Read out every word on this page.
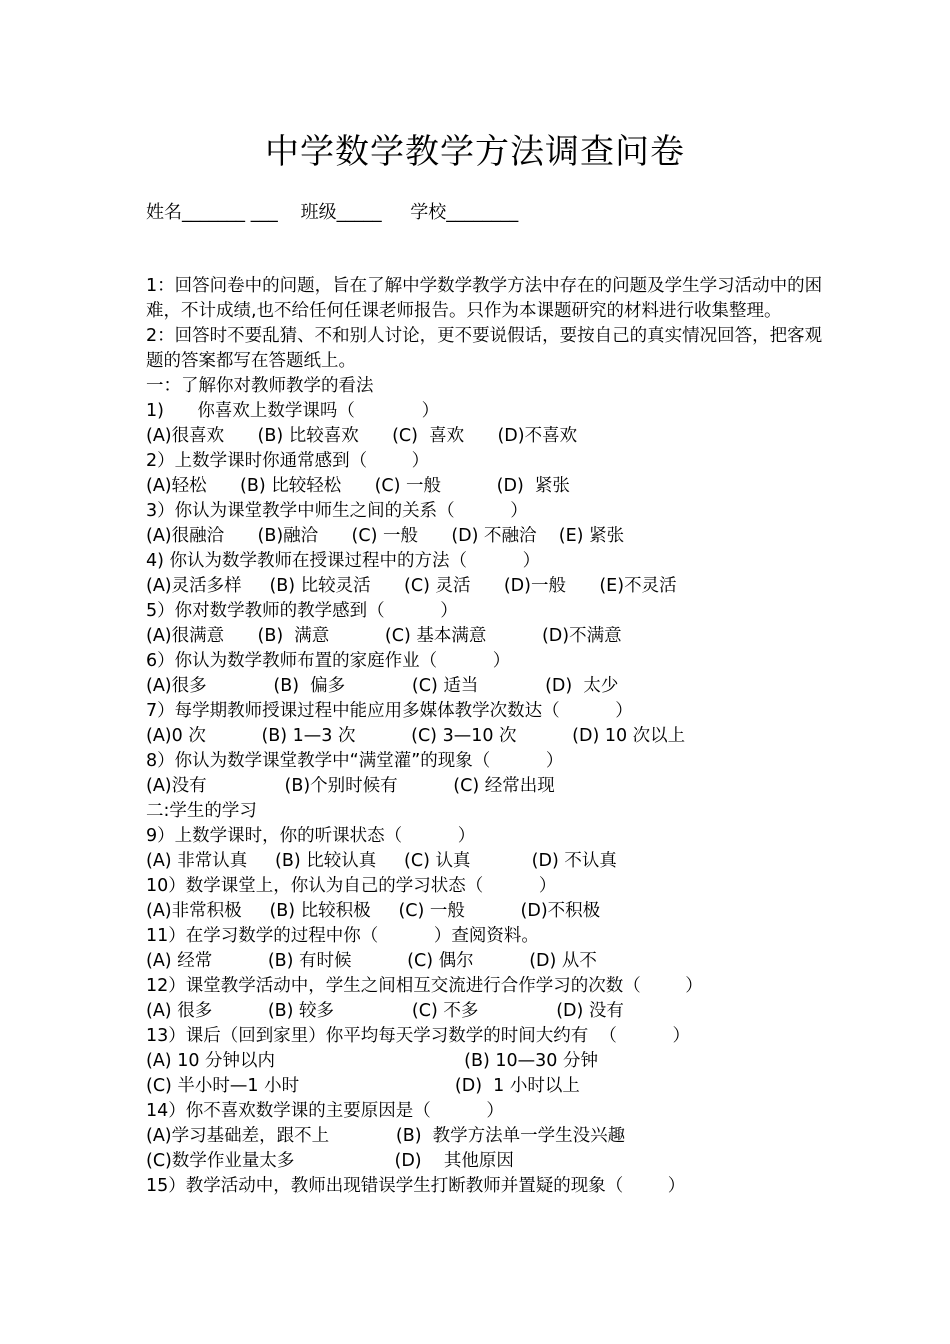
中学数学教学方法调查问卷
姓名_______ ___    班级_____     学校________
1：回答问卷中的问题，旨在了解中学数学教学方法中存在的问题及学生学习活动中的困难，不计成绩,也不给任何任课老师报告。只作为本课题研究的材料进行收集整理。
2：回答时不要乱猜、不和别人讨论，更不要说假话，要按自己的真实情况回答，把客观题的答案都写在答题纸上。
一：了解你对教师教学的看法
1)      你喜欢上数学课吗（            ）
(A)很喜欢      (B) 比较喜欢      (C)  喜欢      (D)不喜欢
2）上数学课时你通常感到（        ）
(A)轻松      (B) 比较轻松      (C) 一般          (D)  紧张
3）你认为课堂教学中师生之间的关系（          ）
(A)很融洽      (B)融洽      (C) 一般      (D) 不融洽    (E) 紧张
4) 你认为数学教师在授课过程中的方法（          ）
(A)灵活多样     (B) 比较灵活      (C) 灵活      (D)一般      (E)不灵活
5）你对数学教师的教学感到（          ）
(A)很满意      (B)  满意          (C) 基本满意          (D)不满意
6）你认为数学教师布置的家庭作业（          ）
(A)很多            (B)  偏多            (C) 适当            (D)  太少
7）每学期教师授课过程中能应用多媒体教学次数达（          ）
(A)0 次          (B) 1—3 次          (C) 3—10 次          (D) 10 次以上
8）你认为数学课堂教学中“满堂灌”的现象（          ）
(A)没有              (B)个别时候有          (C) 经常出现
二:学生的学习
9）上数学课时，你的听课状态（          ）
(A) 非常认真     (B) 比较认真     (C) 认真           (D) 不认真
10）数学课堂上，你认为自己的学习状态（          ）
(A)非常积极     (B) 比较积极     (C) 一般          (D)不积极
11）在学习数学的过程中你（          ）查阅资料。
(A) 经常          (B) 有时候          (C) 偶尔          (D) 从不
12）课堂教学活动中，学生之间相互交流进行合作学习的次数（        ）
(A) 很多          (B) 较多              (C) 不多              (D) 没有
13）课后（回到家里）你平均每天学习数学的时间大约有  （          ）
(A) 10 分钟以内                                  (B) 10—30 分钟
(C) 半小时—1 小时                            (D)  1 小时以上
14）你不喜欢数学课的主要原因是（          ）
(A)学习基础差，跟不上            (B)  教学方法单一学生没兴趣
(C)数学作业量太多                  (D)    其他原因
15）教学活动中，教师出现错误学生打断教师并置疑的现象（        ）
